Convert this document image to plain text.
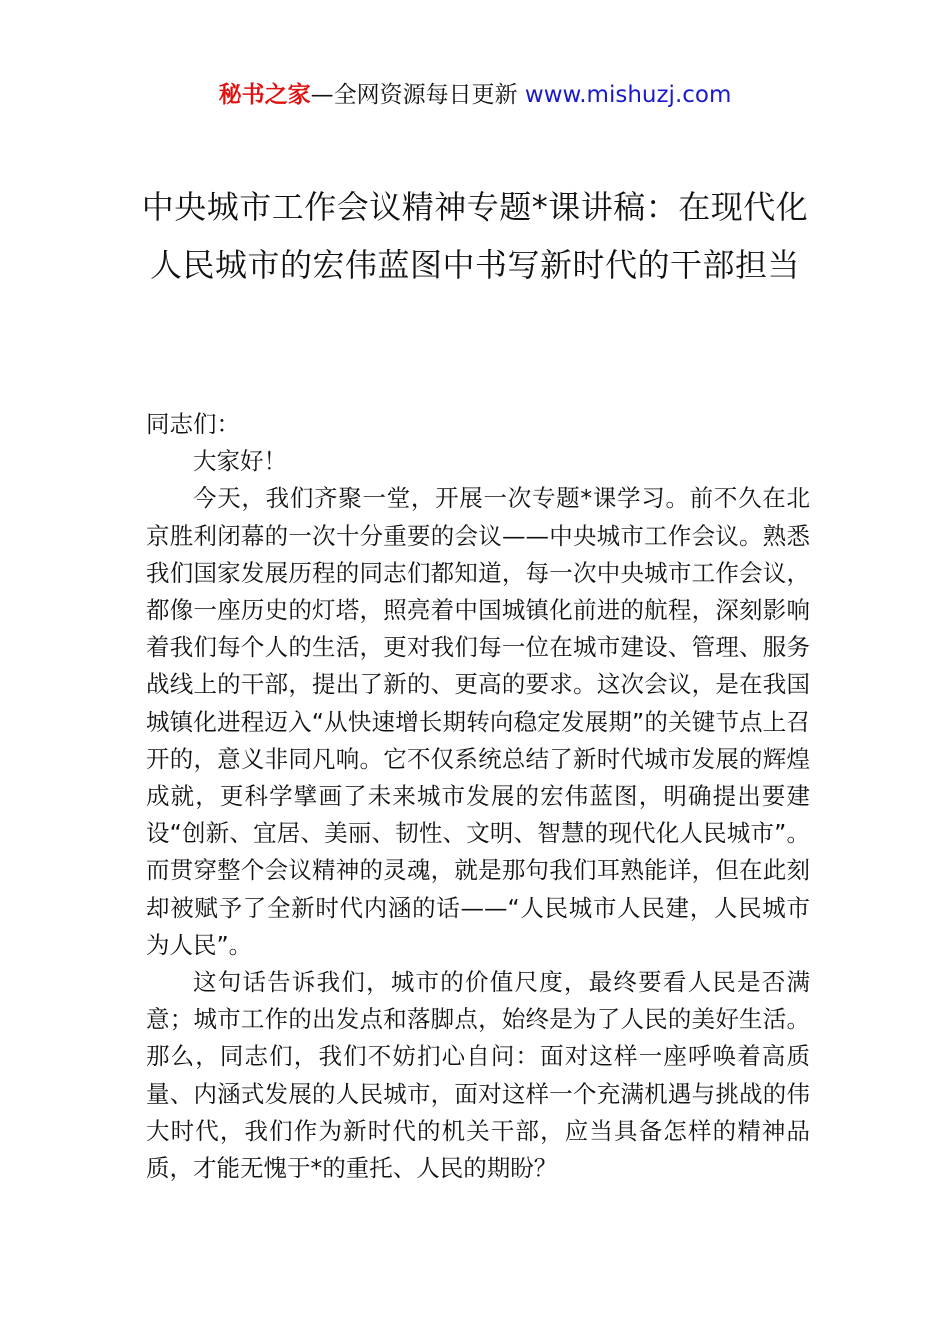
秘书之家—全网资源每日更新 www.mishuzj.com
中央城市工作会议精神专题*课讲稿：在现代化人民城市的宏伟蓝图中书写新时代的干部担当

同志们：

大家好！

今天，我们齐聚一堂，开展一次专题*课学习。前不久在北京胜利闭幕的一次十分重要的会议——中央城市工作会议。熟悉我们国家发展历程的同志们都知道，每一次中央城市工作会议，都像一座历史的灯塔，照亮着中国城镇化前进的航程，深刻影响着我们每个人的生活，更对我们每一位在城市建设、管理、服务战线上的干部，提出了新的、更高的要求。这次会议，是在我国城镇化进程迈入“从快速增长期转向稳定发展期”的关键节点上召开的，意义非同凡响。它不仅系统总结了新时代城市发展的辉煌成就，更科学擘画了未来城市发展的宏伟蓝图，明确提出要建设“创新、宜居、美丽、韧性、文明、智慧的现代化人民城市”。而贯穿整个会议精神的灵魂，就是那句我们耳熟能详，但在此刻却被赋予了全新时代内涵的话——“人民城市人民建，人民城市为人民”。

这句话告诉我们，城市的价值尺度，最终要看人民是否满意；城市工作的出发点和落脚点，始终是为了人民的美好生活。那么，同志们，我们不妨扪心自问：面对这样一座呼唤着高质量、内涵式发展的人民城市，面对这样一个充满机遇与挑战的伟大时代，我们作为新时代的机关干部，应当具备怎样的精神品质，才能无愧于*的重托、人民的期盼？
